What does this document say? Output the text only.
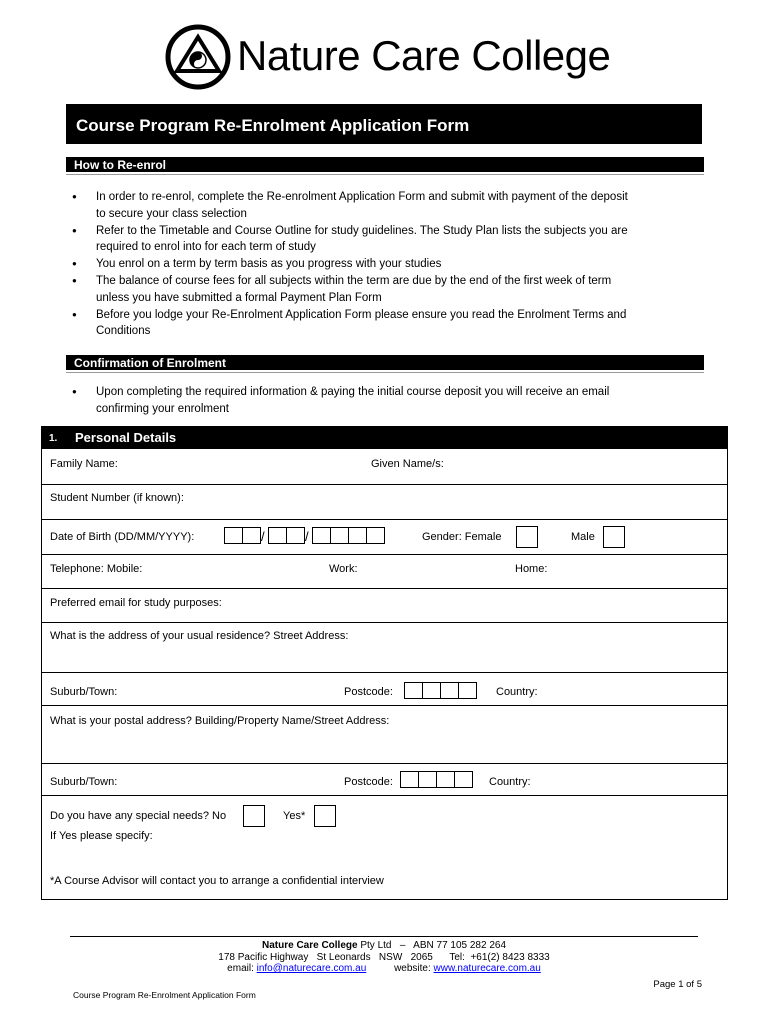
Nature Care College
Course Program Re-Enrolment Application Form
How to Re-enrol
● In order to re-enrol, complete the Re-enrolment Application Form and submit with payment of the deposit
to secure your class selection
● Refer to the Timetable and Course Outline for study guidelines. The Study Plan lists the subjects you are
required to enrol into for each term of study
● You enrol on a term by term basis as you progress with your studies
● The balance of course fees for all subjects within the term are due by the end of the first week of term
unless you have submitted a formal Payment Plan Form
● Before you lodge your Re-Enrolment Application Form please ensure you read the Enrolment Terms and
Conditions
Confirmation of Enrolment
● Upon completing the required information & paying the initial course deposit you will receive an email
confirming your enrolment
1. Personal Details
Family Name:	Given Name/s:
Student Number (if known):
Date of Birth (DD/MM/YYYY):	/	/	Gender: Female	Male
Telephone: Mobile:	Work:	Home:
Preferred email for study purposes:
What is the address of your usual residence? Street Address:
Suburb/Town:	Postcode:	Country:
What is your postal address? Building/Property Name/Street Address:
Suburb/Town:	Postcode:	Country:
Do you have any special needs? No	Yes*
If Yes please specify:
*A Course Advisor will contact you to arrange a confidential interview
Nature Care College Pty Ltd   –   ABN 77 105 282 264
178 Pacific Highway   St Leonards   NSW   2065      Tel:  +61(2) 8423 8333
email: info@naturecare.com.au          website: www.naturecare.com.au
Page 1 of 5
Course Program Re-Enrolment Application Form
